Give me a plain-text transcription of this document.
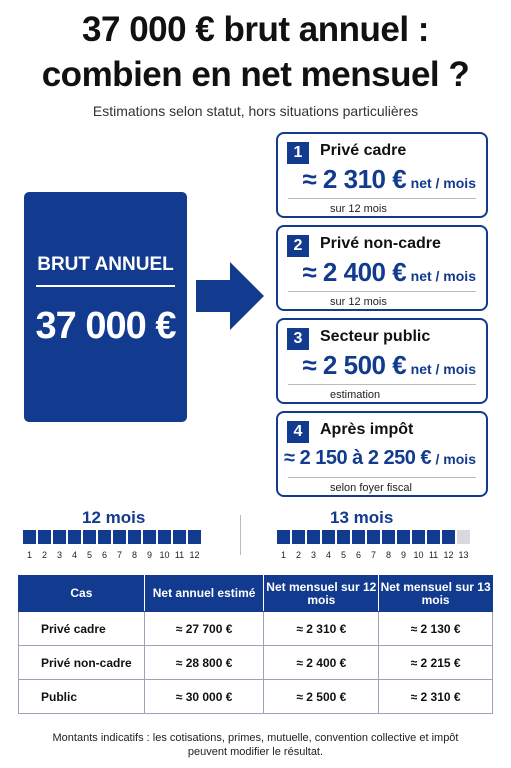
37 000 € brut annuel :
combien en net mensuel ?
Estimations selon statut, hors situations particulières
BRUT ANNUEL
37 000 €
1	Privé cadre
≈ 2 310 € net / mois
sur 12 mois
2	Privé non-cadre
≈ 2 400 € net / mois
sur 12 mois
3	Secteur public
≈ 2 500 € net / mois
estimation
4	Après impôt
≈ 2 150 à 2 250 € / mois
selon foyer fiscal
12 mois
1	2	3	4	5	6	7	8	9 10 11 12
13 mois
1	2	3	4	5	6	7	8	9 10 11 12 13
Cas	Net annuel estimé	Net mensuel sur 12 mois	Net mensuel sur 13 mois
Privé cadre	≈ 27 700 €	≈ 2 310 €	≈ 2 130 €
Privé non-cadre	≈ 28 800 €	≈ 2 400 €	≈ 2 215 €
Public	≈ 30 000 €	≈ 2 500 €	≈ 2 310 €
Montants indicatifs : les cotisations, primes, mutuelle, convention collective et impôt
peuvent modifier le résultat.
